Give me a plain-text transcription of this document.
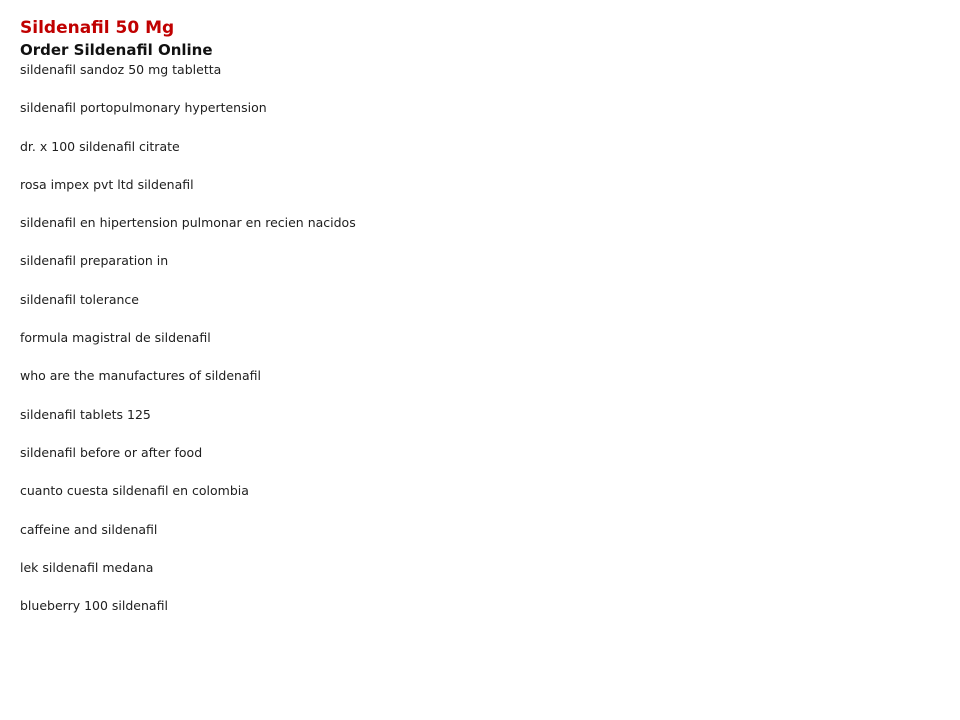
Sildenafil 50 Mg
Order Sildenafil Online
sildenafil sandoz 50 mg tabletta
sildenafil portopulmonary hypertension
dr. x 100 sildenafil citrate
rosa impex pvt ltd sildenafil
sildenafil en hipertension pulmonar en recien nacidos
sildenafil preparation in
sildenafil tolerance
formula magistral de sildenafil
who are the manufactures of sildenafil
sildenafil tablets 125
sildenafil before or after food
cuanto cuesta sildenafil en colombia
caffeine and sildenafil
lek sildenafil medana
blueberry 100 sildenafil
